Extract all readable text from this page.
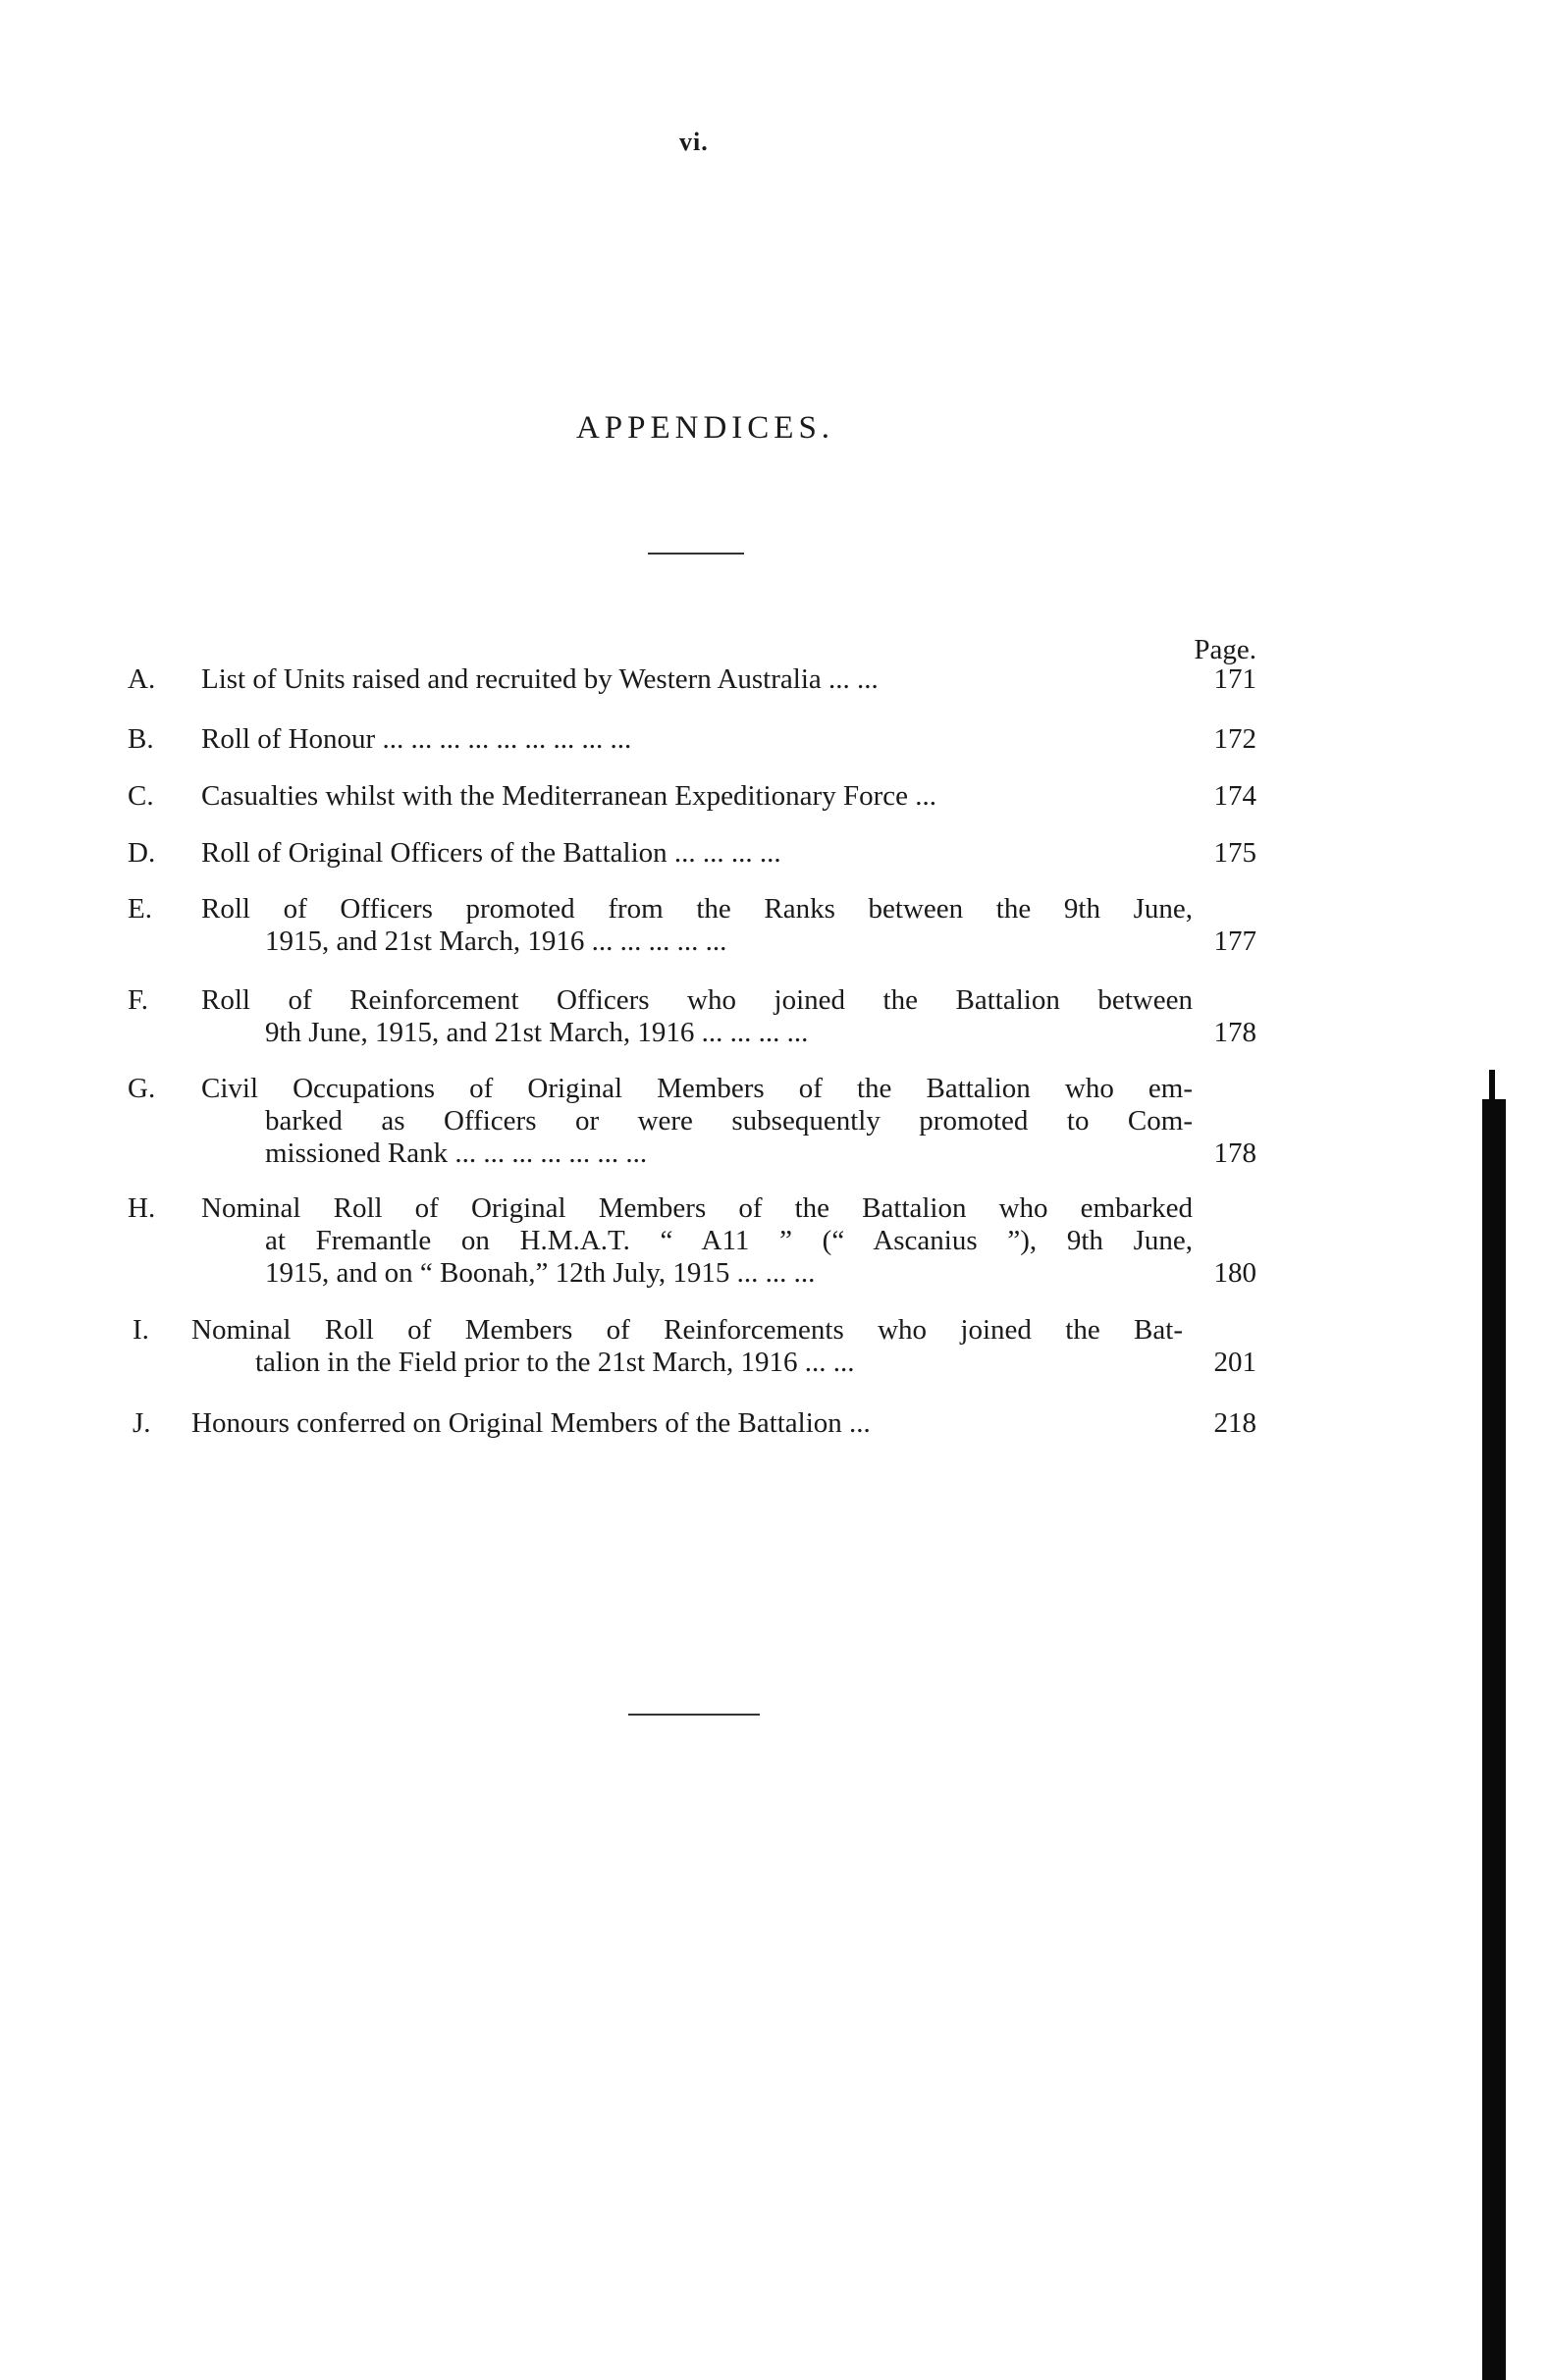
vi.
APPENDICES.
Page.
A. List of Units raised and recruited by Western Australia ... ...	171
B. Roll of Honour ... ... ... ... ... ... ... ... ...	172
C. Casualties whilst with the Mediterranean Expeditionary Force ...	174
D. Roll of Original Officers of the Battalion ... ... ... ...	175
E. Roll of Officers promoted from the Ranks between the 9th June,
1915, and 21st March, 1916 ... ... ... ... ...	177
F. Roll of Reinforcement Officers who joined the Battalion between
9th June, 1915, and 21st March, 1916 ... ... ... ...	178
G. Civil Occupations of Original Members of the Battalion who em-
barked as Officers or were subsequently promoted to Com-
missioned Rank ... ... ... ... ... ... ...	178
H. Nominal Roll of Original Members of the Battalion who embarked
at Fremantle on H.M.A.T. “ A11 ” (“ Ascanius ”), 9th June,
1915, and on “ Boonah,” 12th July, 1915 ... ... ...	180
I. Nominal Roll of Members of Reinforcements who joined the Bat-
talion in the Field prior to the 21st March, 1916 ... ...	201
J. Honours conferred on Original Members of the Battalion ...	218
